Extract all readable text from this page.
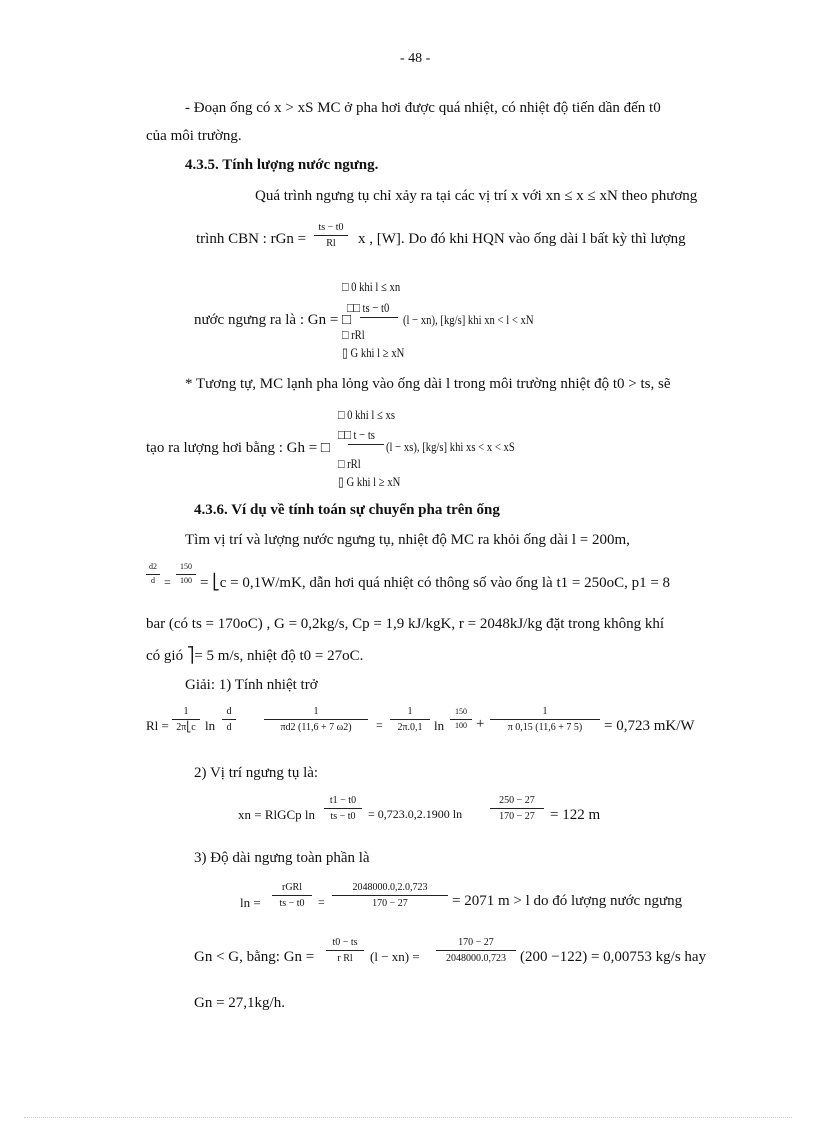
- 48 -
- Đoạn ống có x > xS MC ở pha hơi được quá nhiệt, có nhiệt độ tiến dần đến t0
của môi trường.
4.3.5. Tính lượng nước ngưng.
Quá trình ngưng tụ chỉ xảy ra tại các vị trí x với xn ≤ x ≤ xN theo phương
trình CBN : rGn =
ts − t0
Rl	x , [W]. Do đó khi HQN vào ống dài l bất kỳ thì lượng
□ 0 khi l ≤ xn
nước ngưng ra là : Gn = □
□□ ts − t0
(l − xn), [kg/s] khi xn < l < xN
□ rRl
▯ G khi l ≥ xN
* Tương tự, MC lạnh pha lỏng vào ống dài l trong môi trường nhiệt độ t0 > ts, sẽ
□ 0 khi l ≤ xs
tạo ra lượng hơi bằng : Gh = □
□□ t − ts
(l − xs), [kg/s] khi xs < x < xS
□ rRl
▯ G khi l ≥ xN
4.3.6. Ví dụ về tính toán sự chuyển pha trên ống
Tìm vị trí và lượng nước ngưng tụ, nhiệt độ MC ra khỏi ống dài l = 200m,
d2
d =
150
100 = ⎣c = 0,1W/mK, dẫn hơi quá nhiệt có thông số vào ống là t1 = 250oC, p1 = 8
bar (có ts = 170oC) , G = 0,2kg/s, Cp = 1,9 kJ/kgK, r = 2048kJ/kg đặt trong không khí
có gió ⎤= 5 m/s, nhiệt độ t0 = 27oC.
Giải: 1) Tính nhiệt trở
Rl =
1
2π⎣c ln
d
d
1
πd2 (11,6 + 7 ω2)	=
1
2π.0,1 ln
150
100 +
1
π 0,15 (11,6 + 7 5)	= 0,723 mK/W
2) Vị trí ngưng tụ là:
xn = RlGCp ln
t1 − t0
ts − t0	= 0,723.0,2.1900 ln
250 − 27
170 − 27	= 122 m
3) Độ dài ngưng toàn phần là
ln =
rGRl
ts − t0	=
2048000.0,2.0,723
170 − 27	= 2071 m > l do đó lượng nước ngưng
Gn < G, bằng: Gn =
t0 − ts
r Rl	(l − xn) =
170 − 27
2048000.0,723 (200 −122) = 0,00753 kg/s hay
Gn = 27,1kg/h.
